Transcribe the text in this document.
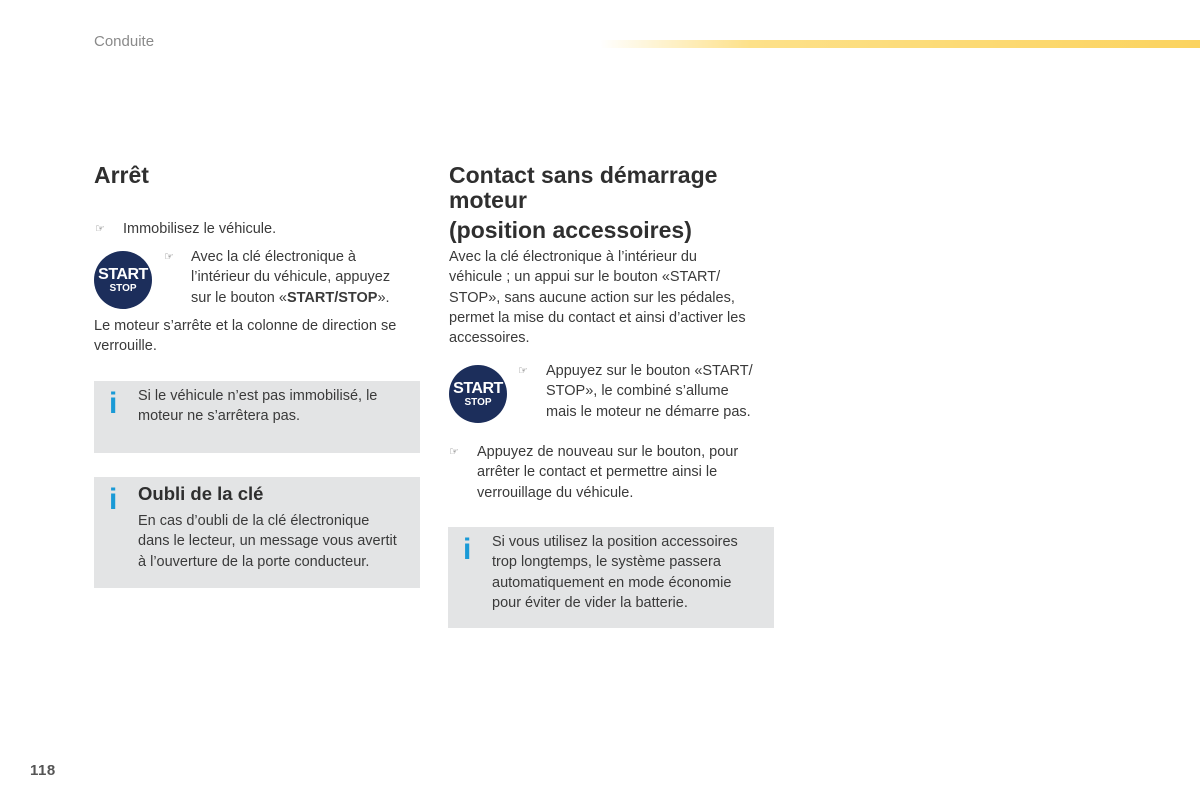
Conduite
Arrêt
☞ Immobilisez le véhicule.
START
STOP
☞ Avec la clé électronique à
l’intérieur du véhicule, appuyez
sur le bouton «START/STOP».
Le moteur s’arrête et la colonne de direction se
verrouille.
i Si le véhicule n’est pas immobilisé, le
moteur ne s’arrêtera pas.
i Oubli de la clé
En cas d’oubli de la clé électronique
dans le lecteur, un message vous avertit
à l’ouverture de la porte conducteur.
Contact sans démarrage
moteur
(position accessoires)
Avec la clé électronique à l’intérieur du
véhicule ; un appui sur le bouton «START/
STOP», sans aucune action sur les pédales,
permet la mise du contact et ainsi d’activer les
accessoires.
START
STOP
☞ Appuyez sur le bouton «START/
STOP», le combiné s’allume
mais le moteur ne démarre pas.
☞ Appuyez de nouveau sur le bouton, pour
arrêter le contact et permettre ainsi le
verrouillage du véhicule.
i Si vous utilisez la position accessoires
trop longtemps, le système passera
automatiquement en mode économie
pour éviter de vider la batterie.
118
